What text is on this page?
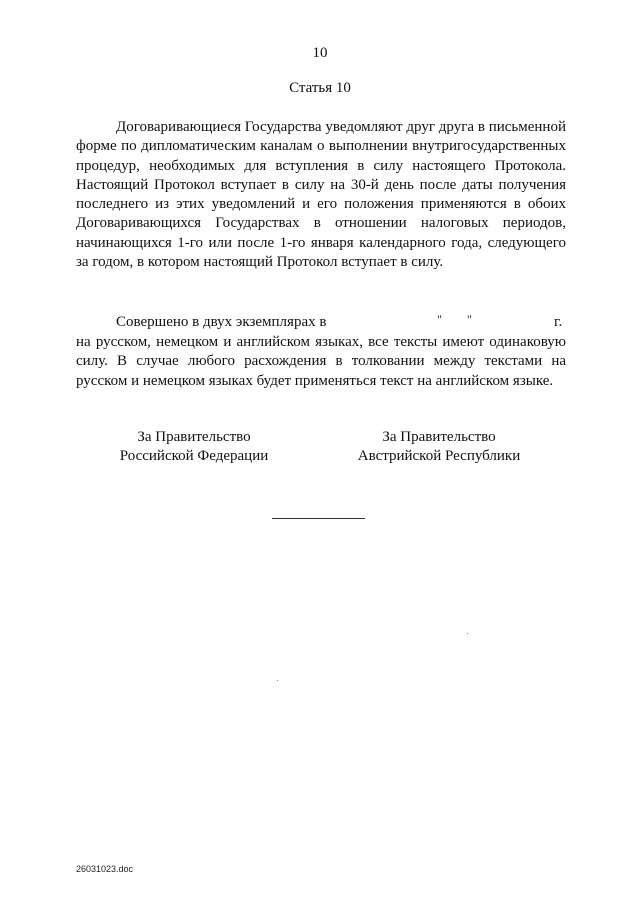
10
Статья 10
Договаривающиеся Государства уведомляют друг друга в письменной форме по дипломатическим каналам о выполнении внутригосударственных процедур, необходимых для вступления в силу настоящего Протокола. Настоящий Протокол вступает в силу на 30-й день после даты получения последнего из этих уведомлений и его положения применяются в обоих Договаривающихся Государствах в отношении налоговых периодов, начинающихся 1-го или после 1-го января календарного года, следующего за годом, в котором настоящий Протокол вступает в силу.
Совершено в двух экземплярах в	" "	г.
на русском, немецком и английском языках, все тексты имеют одинаковую силу. В случае любого расхождения в толковании между текстами на русском и немецком языках будет применяться текст на английском языке.
За Правительство
Российской Федерации
За Правительство
Австрийской Республики
26031023.doc
